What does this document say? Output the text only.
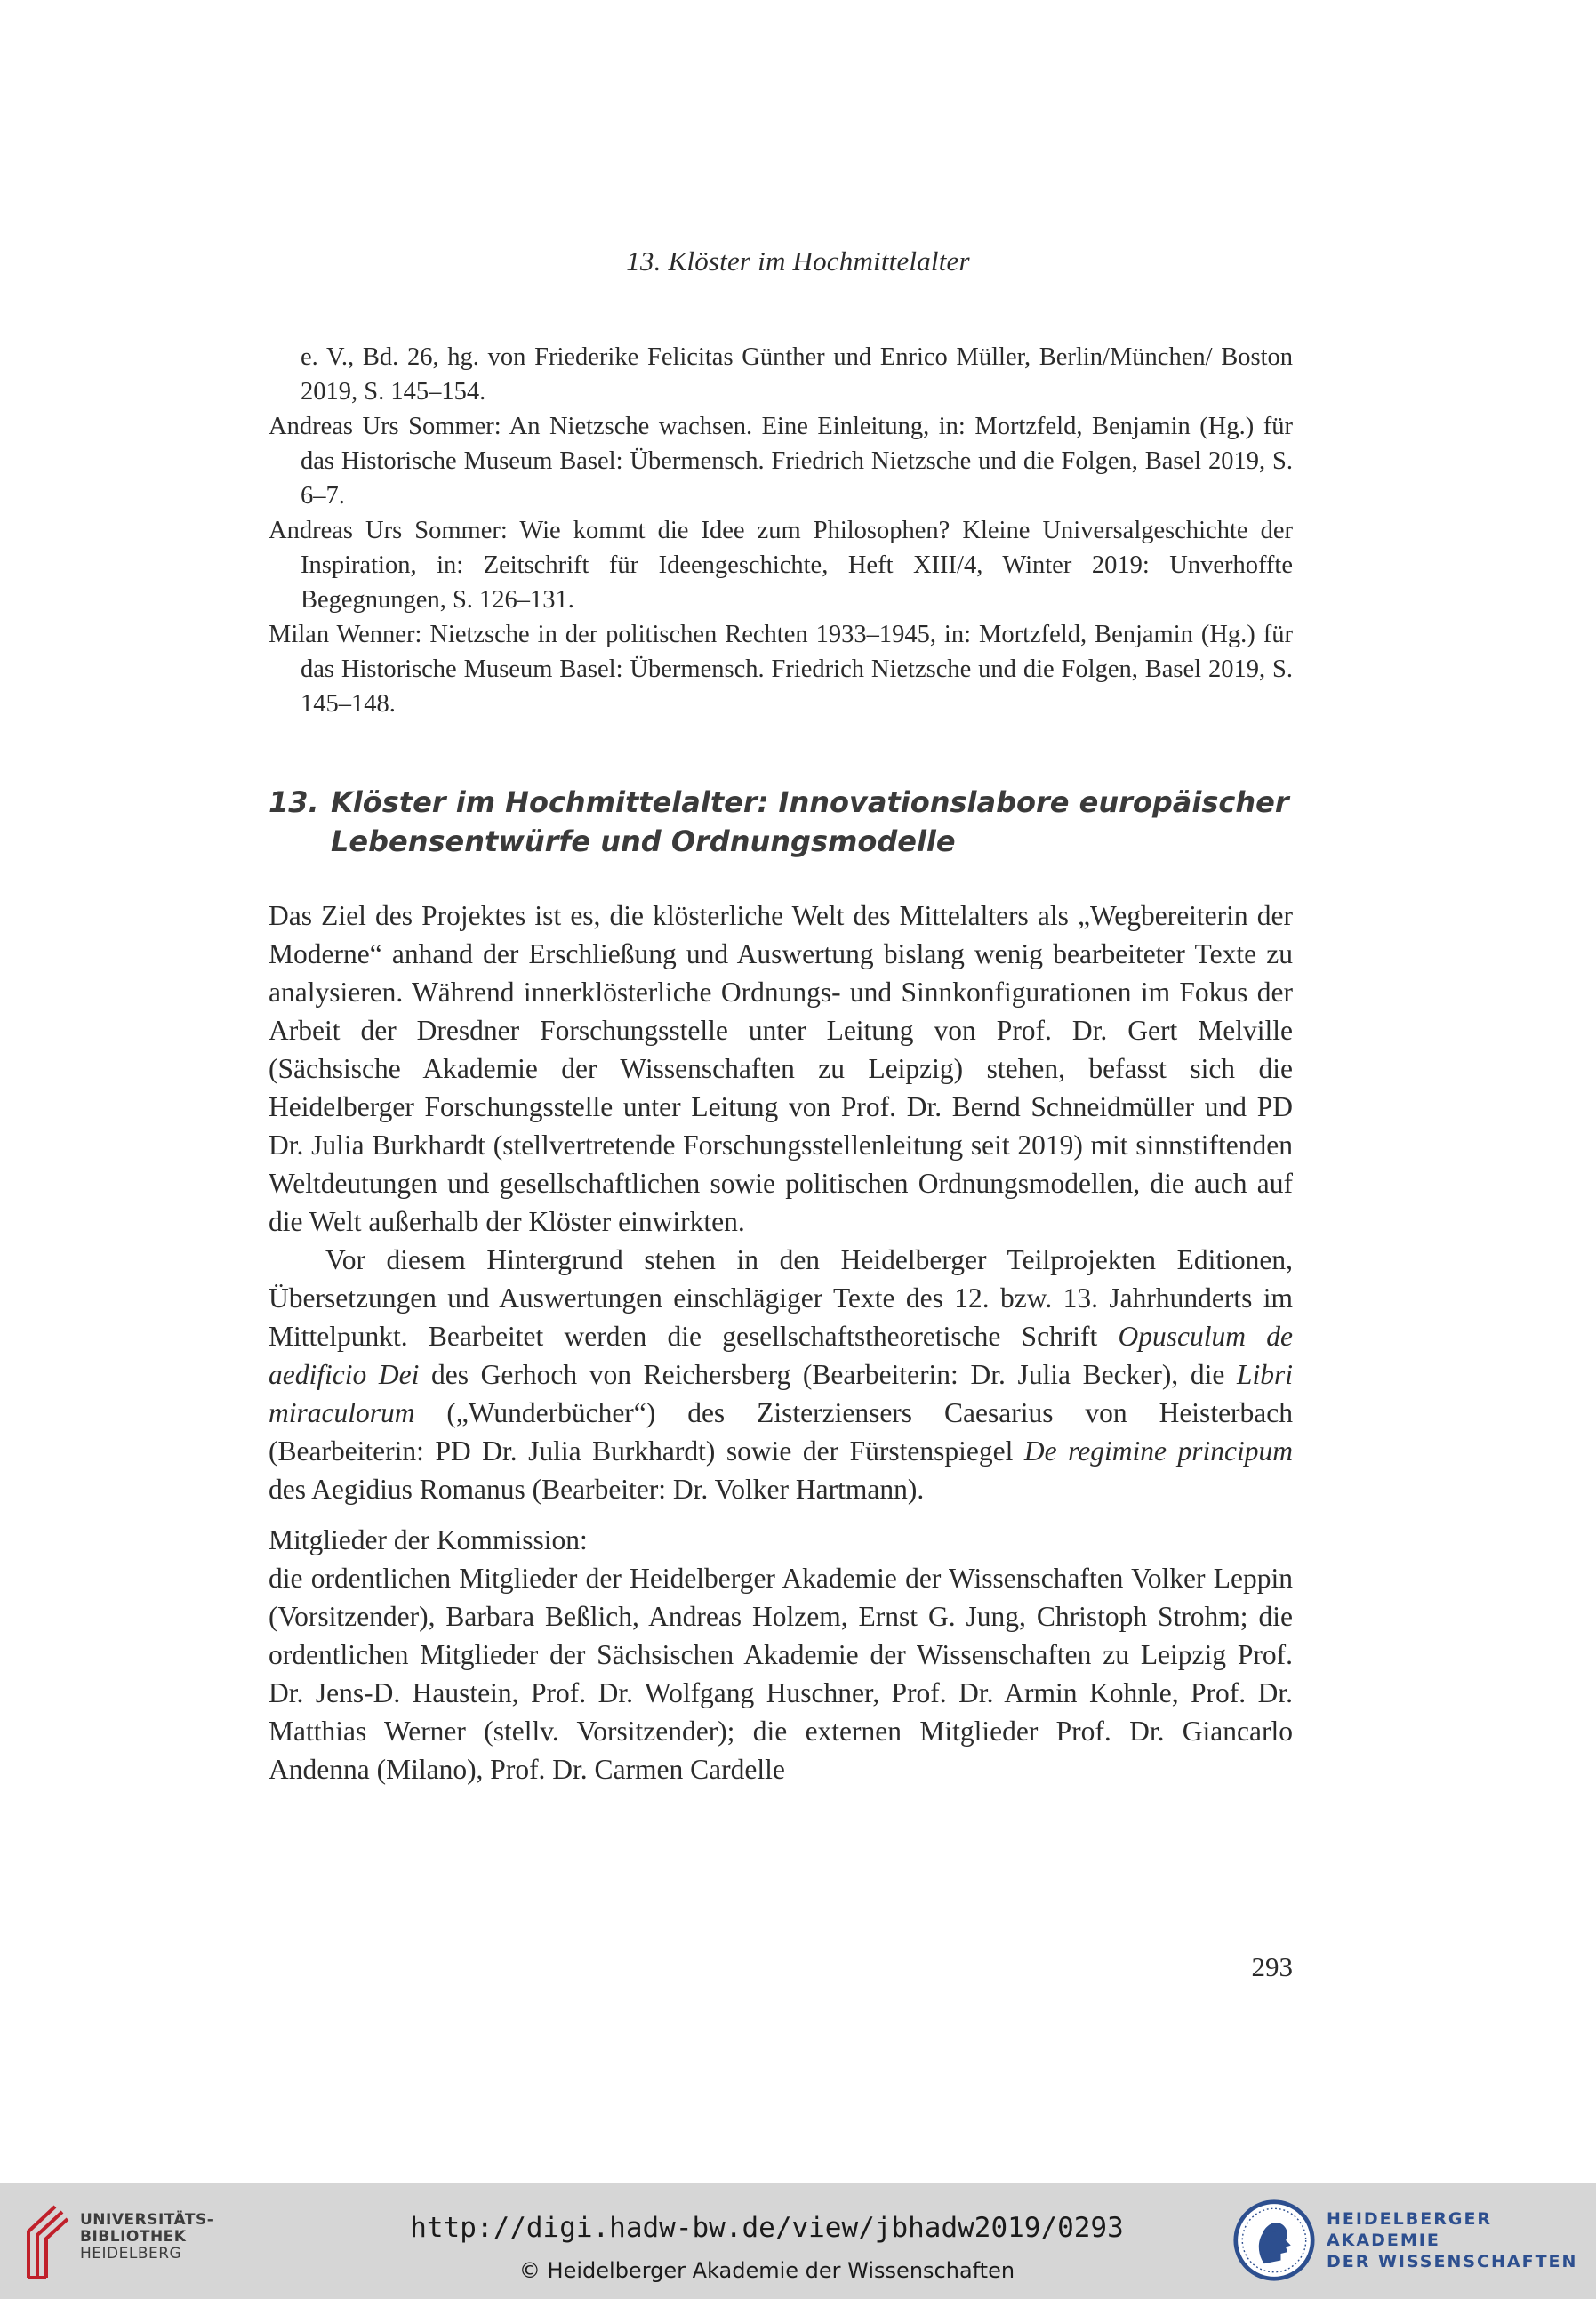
13. Klöster im Hochmittelalter
e. V., Bd. 26, hg. von Friederike Felicitas Günther und Enrico Müller, Berlin/München/ Boston 2019, S. 145–154.
Andreas Urs Sommer: An Nietzsche wachsen. Eine Einleitung, in: Mortzfeld, Benjamin (Hg.) für das Historische Museum Basel: Übermensch. Friedrich Nietzsche und die Folgen, Basel 2019, S. 6–7.
Andreas Urs Sommer: Wie kommt die Idee zum Philosophen? Kleine Universalgeschichte der Inspiration, in: Zeitschrift für Ideengeschichte, Heft XIII/4, Winter 2019: Unverhoffte Begegnungen, S. 126–131.
Milan Wenner: Nietzsche in der politischen Rechten 1933–1945, in: Mortzfeld, Benjamin (Hg.) für das Historische Museum Basel: Übermensch. Friedrich Nietzsche und die Folgen, Basel 2019, S. 145–148.
13. Klöster im Hochmittelalter: Innovationslabore europäischer Lebensentwürfe und Ordnungsmodelle

Das Ziel des Projektes ist es, die klösterliche Welt des Mittelalters als „Wegbereiterin der Moderne“ anhand der Erschließung und Auswertung bislang wenig bearbeiteter Texte zu analysieren. Während innerklösterliche Ordnungs- und Sinnkonfigurationen im Fokus der Arbeit der Dresdner Forschungsstelle unter Leitung von Prof. Dr. Gert Melville (Sächsische Akademie der Wissenschaften zu Leipzig) stehen, befasst sich die Heidelberger Forschungsstelle unter Leitung von Prof. Dr. Bernd Schneidmüller und PD Dr. Julia Burkhardt (stellvertretende Forschungsstellenleitung seit 2019) mit sinnstiftenden Weltdeutungen und gesellschaftlichen sowie politischen Ordnungsmodellen, die auch auf die Welt außerhalb der Klöster einwirkten.

Vor diesem Hintergrund stehen in den Heidelberger Teilprojekten Editionen, Übersetzungen und Auswertungen einschlägiger Texte des 12. bzw. 13. Jahrhunderts im Mittelpunkt. Bearbeitet werden die gesellschaftstheoretische Schrift Opusculum de aedificio Dei des Gerhoch von Reichersberg (Bearbeiterin: Dr. Julia Becker), die Libri miraculorum („Wunderbücher“) des Zisterziensers Caesarius von Heisterbach (Bearbeiterin: PD Dr. Julia Burkhardt) sowie der Fürstenspiegel De regimine principum des Aegidius Romanus (Bearbeiter: Dr. Volker Hartmann).

Mitglieder der Kommission:

die ordentlichen Mitglieder der Heidelberger Akademie der Wissenschaften Volker Leppin (Vorsitzender), Barbara Beßlich, Andreas Holzem, Ernst G. Jung, Christoph Strohm; die ordentlichen Mitglieder der Sächsischen Akademie der Wissenschaften zu Leipzig Prof. Dr. Jens-D. Haustein, Prof. Dr. Wolfgang Huschner, Prof. Dr. Armin Kohnle, Prof. Dr. Matthias Werner (stellv. Vorsitzender); die externen Mitglieder Prof. Dr. Giancarlo Andenna (Milano), Prof. Dr. Carmen Cardelle

293
UNIVERSITÄTS-
BIBLIOTHEK
HEIDELBERG
http://digi.hadw-bw.de/view/jbhadw2019/0293
© Heidelberger Akademie der Wissenschaften
HEIDELBERGER AKADEMIE
DER WISSENSCHAFTEN
